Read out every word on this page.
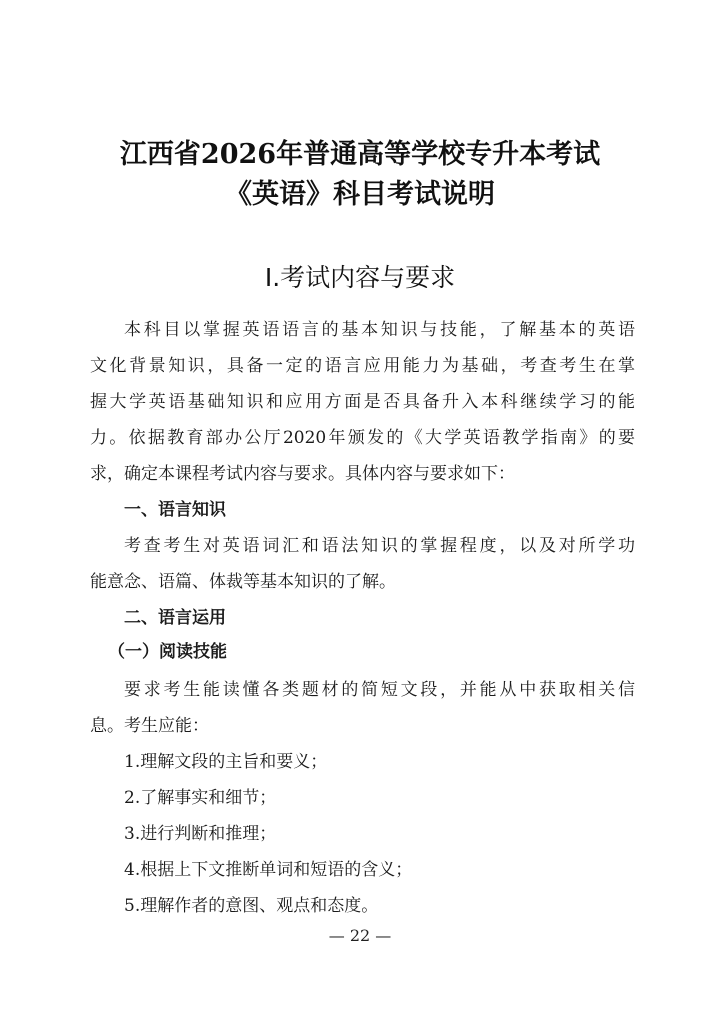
江西省2026年普通高等学校专升本考试
《英语》科目考试说明
Ⅰ.考试内容与要求
本科目以掌握英语语言的基本知识与技能，了解基本的英语
文化背景知识，具备一定的语言应用能力为基础，考查考生在掌
握大学英语基础知识和应用方面是否具备升入本科继续学习的能
力。依据教育部办公厅2020年颁发的《大学英语教学指南》的要
求，确定本课程考试内容与要求。具体内容与要求如下：
一、语言知识
考查考生对英语词汇和语法知识的掌握程度，以及对所学功
能意念、语篇、体裁等基本知识的了解。
二、语言运用
（一）阅读技能
要求考生能读懂各类题材的简短文段，并能从中获取相关信
息。考生应能：
1.理解文段的主旨和要义；
2.了解事实和细节；
3.进行判断和推理；
4.根据上下文推断单词和短语的含义；
5.理解作者的意图、观点和态度。
— 22 —
